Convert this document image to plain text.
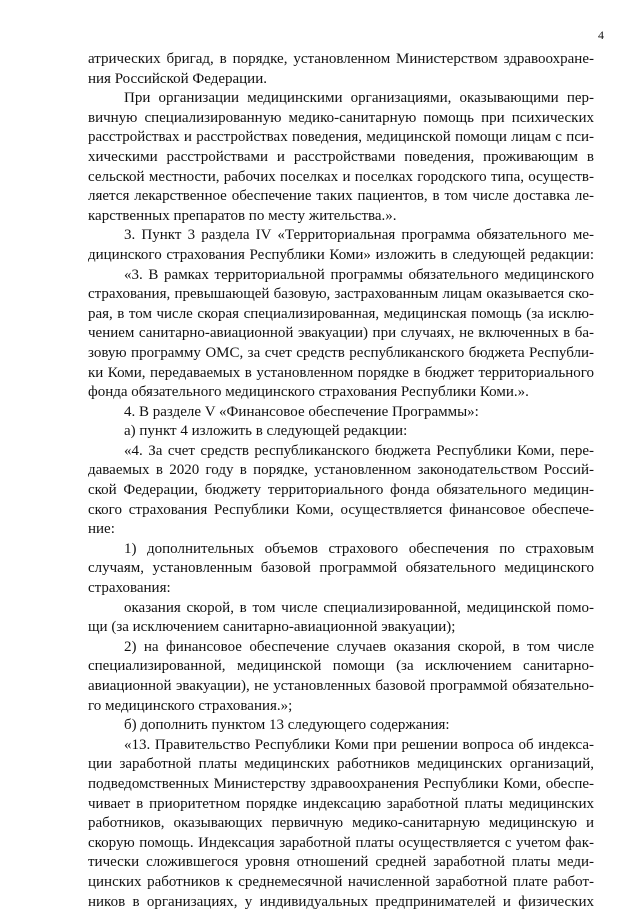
4
атрических бригад, в порядке, установленном Министерством здравоохране-
ния Российской Федерации.
При организации медицинскими организациями, оказывающими пер-
вичную специализированную медико-санитарную помощь при психических
расстройствах и расстройствах поведения, медицинской помощи лицам с пси-
хическими расстройствами и расстройствами поведения, проживающим в
сельской местности, рабочих поселках и поселках городского типа, осуществ-
ляется лекарственное обеспечение таких пациентов, в том числе доставка ле-
карственных препаратов по месту жительства.».
3. Пункт 3 раздела IV «Территориальная программа обязательного ме-
дицинского страхования Республики Коми» изложить в следующей редакции:
«3. В рамках территориальной программы обязательного медицинского
страхования, превышающей базовую, застрахованным лицам оказывается ско-
рая, в том числе скорая специализированная, медицинская помощь (за исклю-
чением санитарно-авиационной эвакуации) при случаях, не включенных в ба-
зовую программу ОМС, за счет средств республиканского бюджета Республи-
ки Коми, передаваемых в установленном порядке в бюджет территориального
фонда обязательного медицинского страхования Республики Коми.».
4. В разделе V «Финансовое обеспечение Программы»:
а) пункт 4 изложить в следующей редакции:
«4. За счет средств республиканского бюджета Республики Коми, пере-
даваемых в 2020 году в порядке, установленном законодательством Россий-
ской Федерации, бюджету территориального фонда обязательного медицин-
ского страхования Республики Коми, осуществляется финансовое обеспече-
ние:
1) дополнительных объемов страхового обеспечения по страховым
случаям, установленным базовой программой обязательного медицинского
страхования:
оказания скорой, в том числе специализированной, медицинской помо-
щи (за исключением санитарно-авиационной эвакуации);
2) на финансовое обеспечение случаев оказания скорой, в том числе
специализированной, медицинской помощи (за исключением санитарно-
авиационной эвакуации), не установленных базовой программой обязательно-
го медицинского страхования.»;
б) дополнить пунктом 13 следующего содержания:
«13. Правительство Республики Коми при решении вопроса об индекса-
ции заработной платы медицинских работников медицинских организаций,
подведомственных Министерству здравоохранения Республики Коми, обеспе-
чивает в приоритетном порядке индексацию заработной платы медицинских
работников, оказывающих первичную медико-санитарную медицинскую и
скорую помощь. Индексация заработной платы осуществляется с учетом фак-
тически сложившегося уровня отношений средней заработной платы меди-
цинских работников к среднемесячной начисленной заработной плате работ-
ников в организациях, у индивидуальных предпринимателей и физических
